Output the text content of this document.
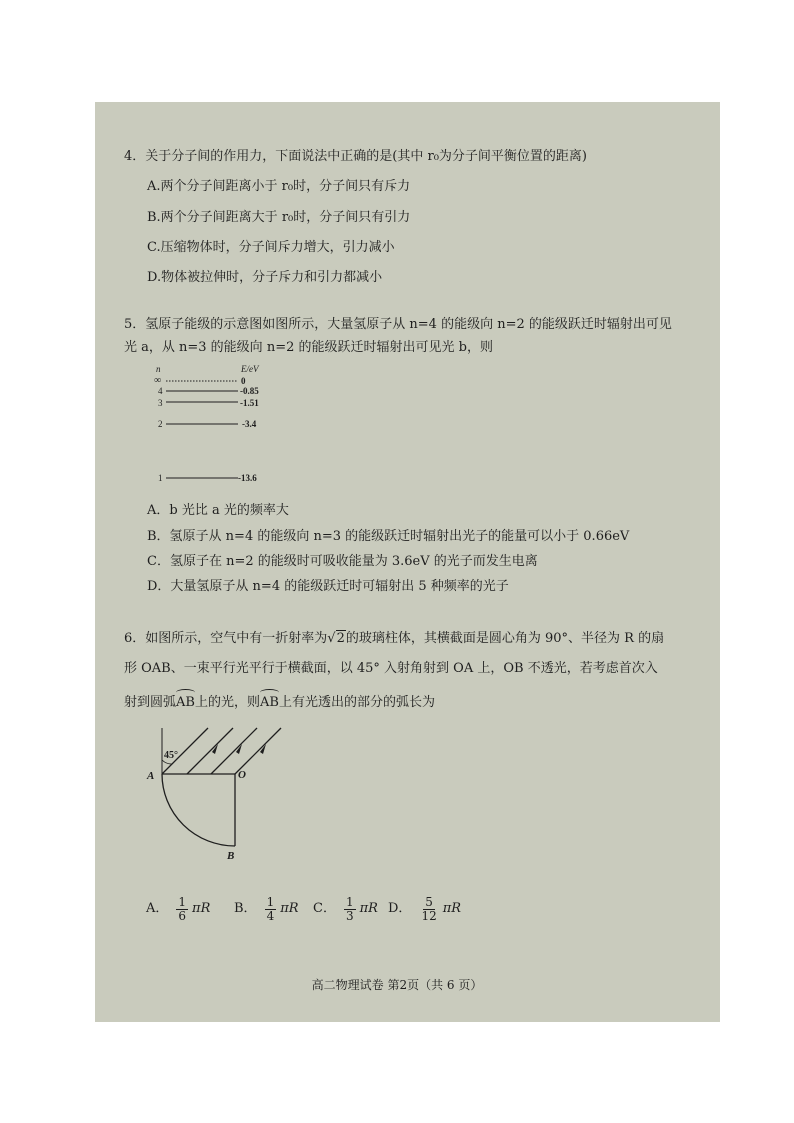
4．关于分子间的作用力，下面说法中正确的是(其中 r₀为分子间平衡位置的距离)
A.两个分子间距离小于 r₀时，分子间只有斥力
B.两个分子间距离大于 r₀时，分子间只有引力
C.压缩物体时，分子间斥力增大，引力减小
D.物体被拉伸时，分子斥力和引力都减小
5．氢原子能级的示意图如图所示，大量氢原子从 n=4 的能级向 n=2 的能级跃迁时辐射出可见
光 a，从 n=3 的能级向 n=2 的能级跃迁时辐射出可见光 b，则
n	E/eV
∞	0
4	-0.85
3	-1.51
2	-3.4
1	-13.6
A．b 光比 a 光的频率大
B．氢原子从 n=4 的能级向 n=3 的能级跃迁时辐射出光子的能量可以小于 0.66eV
C．氢原子在 n=2 的能级时可吸收能量为 3.6eV 的光子而发生电离
D．大量氢原子从 n=4 的能级跃迁时可辐射出 5 种频率的光子
6．如图所示，空气中有一折射率为√2的玻璃柱体，其横截面是圆心角为 90°、半径为 R 的扇
形 OAB、一束平行光平行于横截面，以 45° 入射角射到 OA 上，OB 不透光，若考虑首次入
射到圆弧AB上的光，则AB上有光透出的部分的弧长为
45°
A	O
B
A． $\frac{1}{6}$ πR B． $\frac{1}{4}$ πR C． $\frac{1}{3}$ πR D． $\frac{5}{12}$ πR
高二物理试卷 第2页（共 6 页）
